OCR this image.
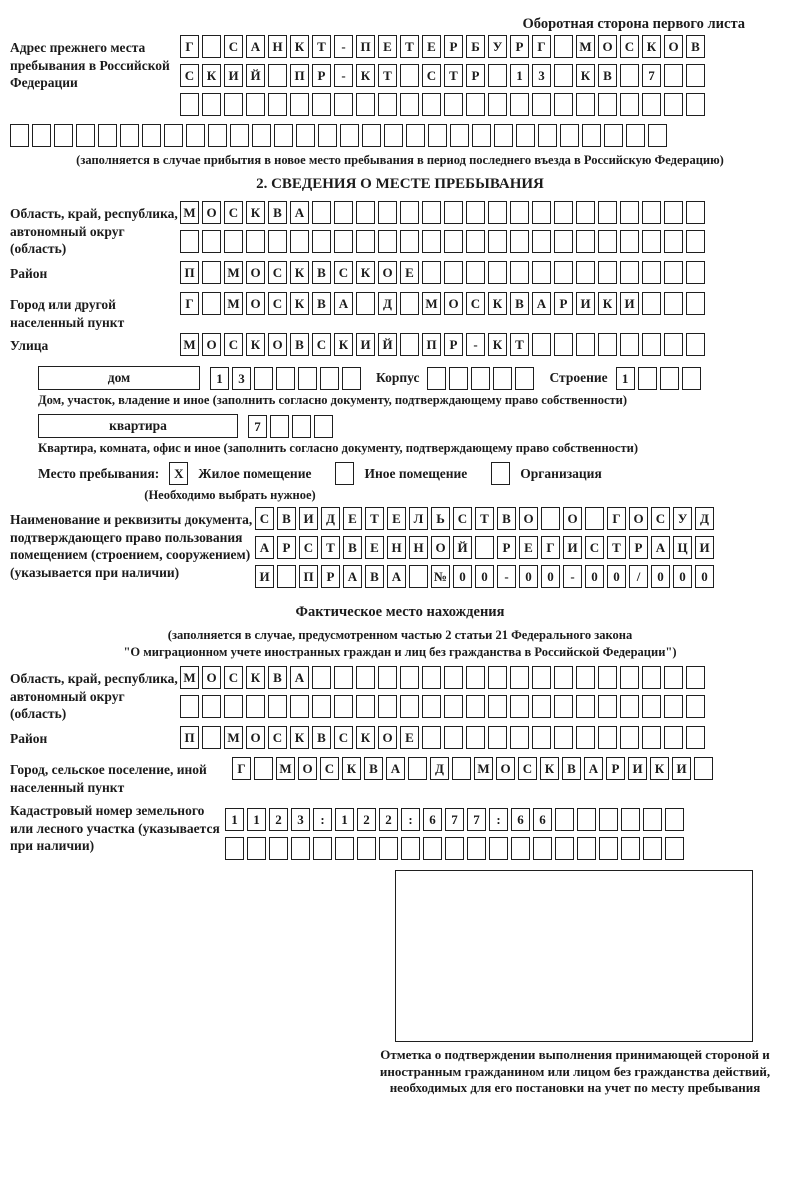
Оборотная сторона первого листа
Адрес прежнего места пребывания в Российской Федерации
Г	С А Н К Т	-	П Е	Т	Е	Р	Б У	Р	Г	М О С К О В
С К И Й	П Р	-	К Т	С Т	Р	1	3	К В	7
(заполняется в случае прибытия в новое место пребывания в период последнего въезда в Российскую Федерацию)
2. СВЕДЕНИЯ О МЕСТЕ ПРЕБЫВАНИЯ
Область, край, республика, автономный округ (область)
М О С К В А
Район	П	М О С К В С К О Е
Город или другой населенный пункт
Г	М О С К В А	Д	М О С К В А	Р И К И
Улица	М О С К О В С К И Й	П Р	-	К Т
дом	1	3	Корпус	Строение	1
Дом, участок, владение и иное (заполнить согласно документу, подтверждающему право собственности)
квартира	7
Квартира, комната, офис и иное (заполнить согласно документу, подтверждающему право собственности)
Место пребывания:	X	Жилое помещение	Иное помещение	Организация
(Необходимо выбрать нужное)
Наименование и реквизиты документа, подтверждающего право пользования помещением (строением, сооружением) (указывается при наличии)
С В И Д	Е	Т	Е Л Ь	С Т	В О	О	Г О С У Д
А	Р	С Т	В	Е Н Н О Й	Р	Е	Г И С Т	Р	А Ц И
И	П Р	А В А	№ 0	0	-	0	0	-	0	0	/	0	0	0
Фактическое место нахождения
(заполняется в случае, предусмотренном частью 2 статьи 21 Федерального закона
"О миграционном учете иностранных граждан и лиц без гражданства в Российской Федерации")
Область, край, республика, автономный округ (область)
М О С К В А
Район	П	М О С К В С К О Е
Город, сельское поселение, иной населенный пункт
Г	М О С К В А	Д	М О С К В А	Р И К И
Кадастровый номер земельного или лесного участка (указывается при наличии)
1	1	2	3	:	1	2	2	:	6	7	7	:	6	6
Отметка о подтверждении выполнения принимающей стороной и иностранным гражданином или лицом без гражданства действий, необходимых для его постановки на учет по месту пребывания
